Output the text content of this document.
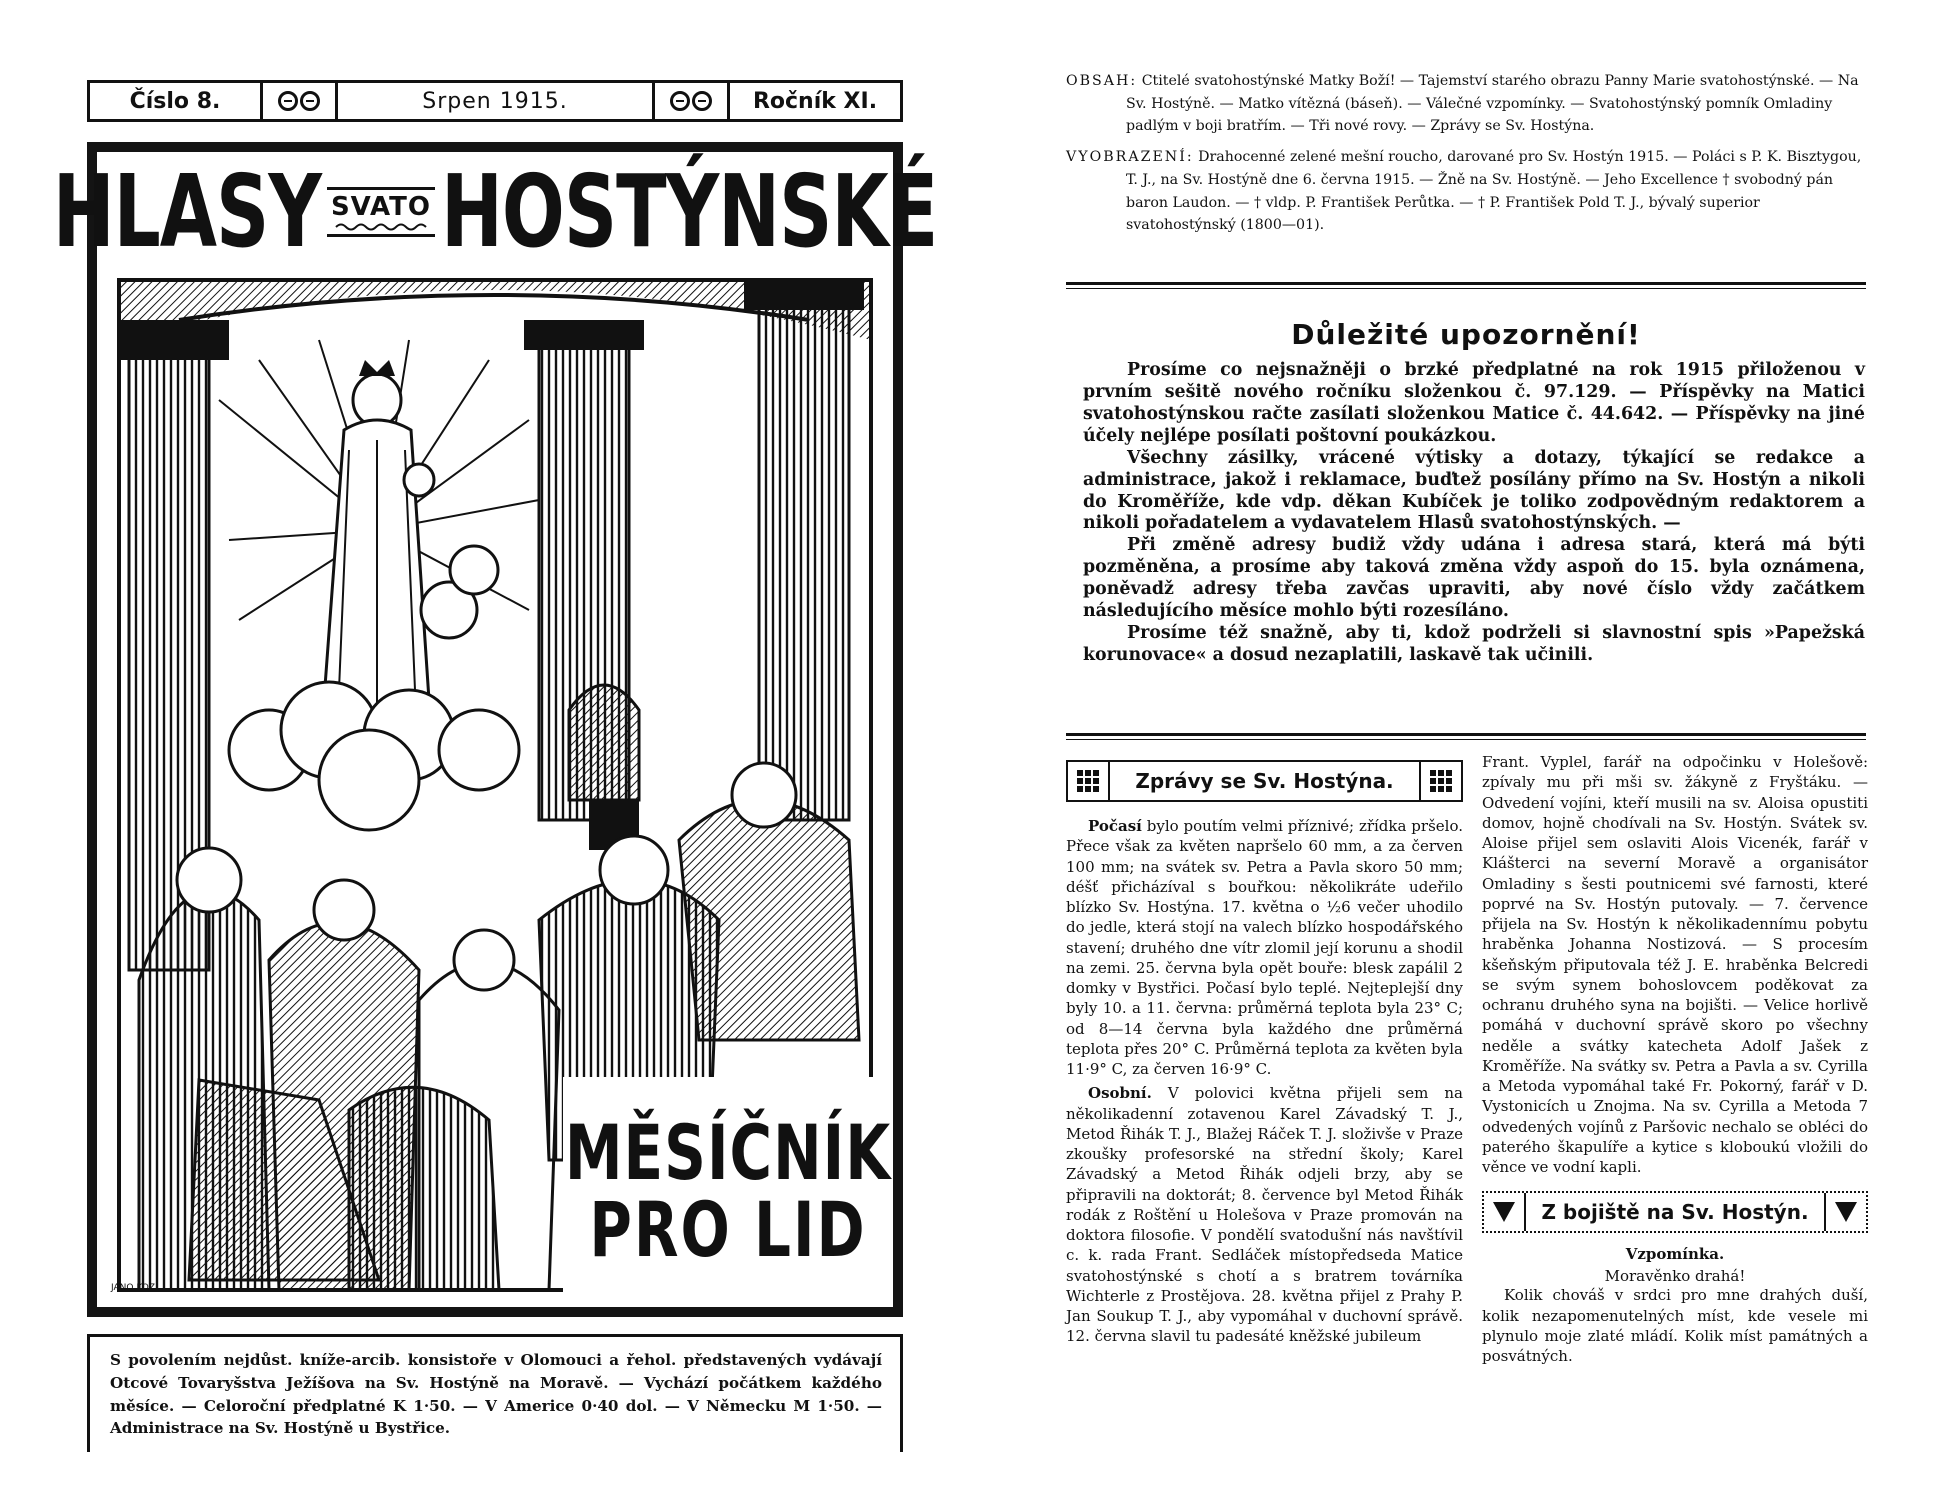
Číslo 8.	Srpen 1915.	Ročník XI.
HLASY SVATO HOSTÝNSKÉ
MĚSÍČNÍK
PRO LID
JANO KOZ
S povolením nejdůst. kníže-arcib. konsistoře v Olomouci a řehol. představených vydávají Otcové Tovaryšstva Ježíšova na Sv. Hostýně na Moravě. — Vychází počátkem každého měsíce. — Celoroční předplatné K 1·50. — V Americe 0·40 dol. — V Německu M 1·50. — Administrace na Sv. Hostýně u Bystřice.

OBSAH: Ctitelé svatohostýnské Matky Boží! — Tajemství starého obrazu Panny Marie svatohostýnské. — Na Sv. Hostýně. — Matko vítězná (báseň). — Válečné vzpomínky. — Svatohostýnský pomník Omladiny padlým v boji bratřím. — Tři nové rovy. — Zprávy se Sv. Hostýna.

VYOBRAZENÍ: Drahocenné zelené mešní roucho, darované pro Sv. Hostýn 1915. — Poláci s P. K. Bisztygou, T. J., na Sv. Hostýně dne 6. června 1915. — Žně na Sv. Hostýně. — Jeho Excellence † svobodný pán baron Laudon. — † vldp. P. František Perůtka. — † P. František Pold T. J., bývalý superior svatohostýnský (1800—01).

Důležité upozornění!

Prosíme co nejsnažněji o brzké předplatné na rok 1915 přiloženou v prvním sešitě nového ročníku složenkou č. 97.129. — Příspěvky na Matici svatohostýnskou račte zasílati složenkou Matice č. 44.642. — Příspěvky na jiné účely nejlépe posílati poštovní poukázkou.

Všechny zásilky, vrácené výtisky a dotazy, týkající se redakce a administrace, jakož i reklamace, buďtež posílány přímo na Sv. Hostýn a nikoli do Kroměříže, kde vdp. děkan Kubíček je toliko zodpovědným redaktorem a nikoli pořadatelem a vydavatelem Hlasů svatohostýnských. —

Při změně adresy budiž vždy udána i adresa stará, která má býti pozměněna, a prosíme aby taková změna vždy aspoň do 15. byla oznámena, poněvadž adresy třeba zavčas upraviti, aby nové číslo vždy začátkem následujícího měsíce mohlo býti rozesíláno.

Prosíme též snažně, aby ti, kdož podrželi si slavnostní spis »Papežská korunovace« a dosud nezaplatili, laskavě tak učinili.

Zprávy se Sv. Hostýna.

Počasí bylo poutím velmi příznivé; zřídka pršelo. Přece však za květen napršelo 60 mm, a za červen 100 mm; na svátek sv. Petra a Pavla skoro 50 mm; déšť přicházíval s bouřkou: několikráte udeřilo blízko Sv. Hostýna. 17. května o ½6 večer uhodilo do jedle, která stojí na valech blízko hospodářského stavení; druhého dne vítr zlomil její korunu a shodil na zemi. 25. června byla opět bouře: blesk zapálil 2 domky v Bystřici. Počasí bylo teplé. Nejteplejší dny byly 10. a 11. června: průměrná teplota byla 23° C; od 8—14 června byla každého dne průměrná teplota přes 20° C. Průměrná teplota za květen byla 11·9° C, za červen 16·9° C.

Osobní. V polovici května přijeli sem na několikadenní zotavenou Karel Závadský T. J., Metod Řihák T. J., Blažej Ráček T. J. složivše v Praze zkoušky profesorské na střední školy; Karel Závadský a Metod Řihák odjeli brzy, aby se připravili na doktorát; 8. července byl Metod Řihák rodák z Roštění u Holešova v Praze promován na doktora filosofie. V pondělí svatodušní nás navštívil c. k. rada Frant. Sedláček místopředseda Matice svatohostýnské s chotí a s bratrem továrníka Wichterle z Prostějova. 28. května přijel z Prahy P. Jan Soukup T. J., aby vypomáhal v duchovní správě. 12. června slavil tu padesáté kněžské jubileum

Frant. Vyplel, farář na odpočinku v Holešově: zpívaly mu při mši sv. žákyně z Fryštáku. — Odvedení vojíni, kteří musili na sv. Aloisa opustiti domov, hojně chodívali na Sv. Hostýn. Svátek sv. Aloise přijel sem oslaviti Alois Vicenék, farář v Klášterci na severní Moravě a organisátor Omladiny s šesti poutnicemi své farnosti, které poprvé na Sv. Hostýn putovaly. — 7. července přijela na Sv. Hostýn k několikadennímu pobytu hraběnka Johanna Nostizová. — S procesím kšeňským připutovala též J. E. hraběnka Belcredi se svým synem bohoslovcem poděkovat za ochranu druhého syna na bojišti. — Velice horlivě pomáhá v duchovní správě skoro po všechny neděle a svátky katecheta Adolf Jašek z Kroměříže. Na svátky sv. Petra a Pavla a sv. Cyrilla a Metoda vypomáhal také Fr. Pokorný, farář v D. Vystonicích u Znojma. Na sv. Cyrilla a Metoda 7 odvedených vojínů z Paršovic nechalo se obléci do paterého škapulíře a kytice s kloboukú vložili do věnce ve vodní kapli.
Z bojiště na Sv. Hostýn.
Vzpomínka.
Moravěnko drahá!

Kolik chováš v srdci pro mne drahých duší, kolik nezapomenutelných míst, kde vesele mi plynulo moje zlaté mládí. Kolik míst památných a posvátných.
